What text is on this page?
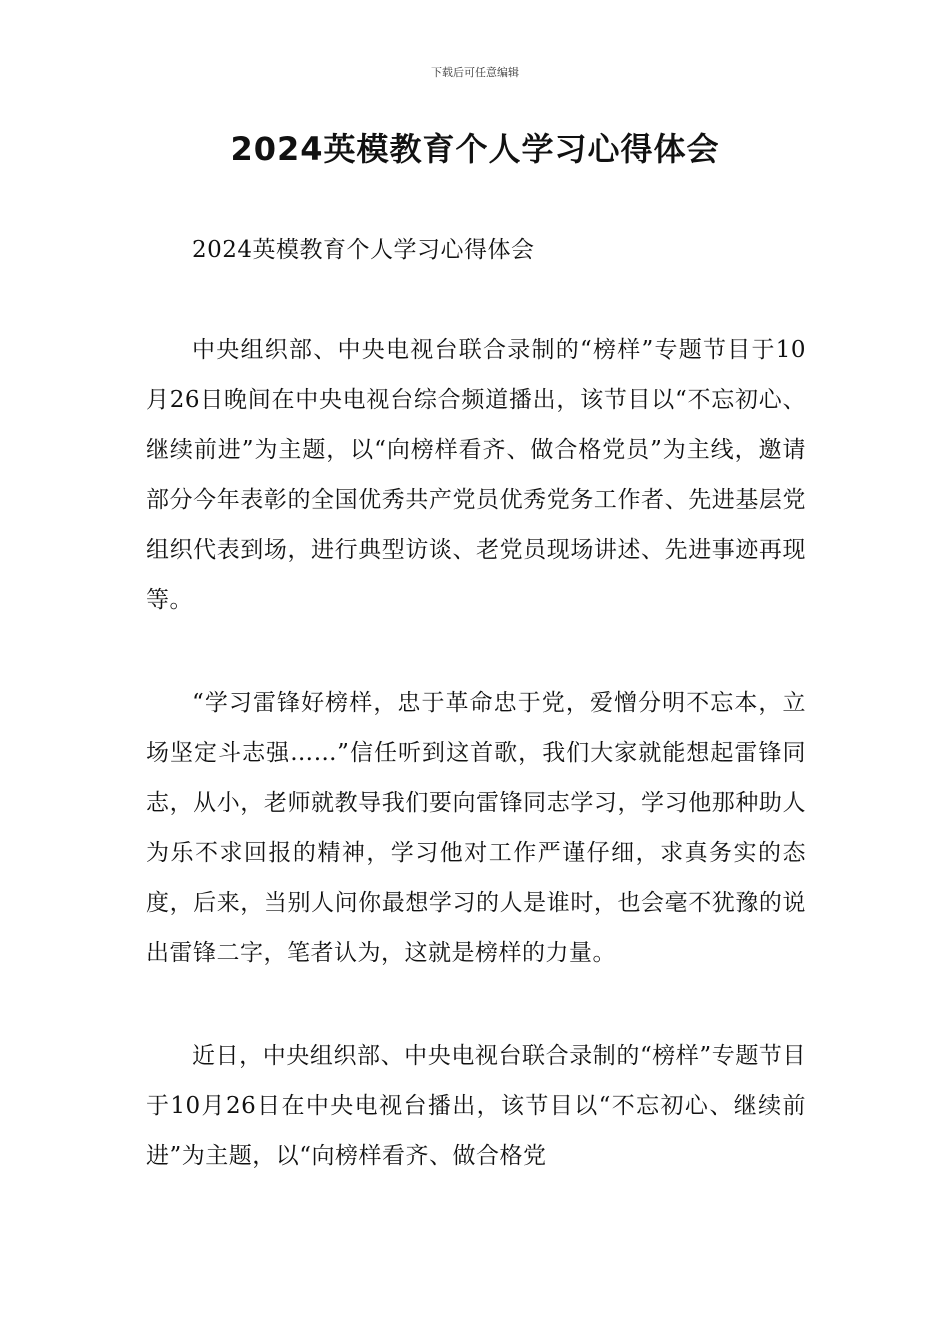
下载后可任意编辑
2024英模教育个人学习心得体会

2024英模教育个人学习心得体会

中央组织部、中央电视台联合录制的“榜样”专题节目于10月26日晚间在中央电视台综合频道播出，该节目以“不忘初心、继续前进”为主题，以“向榜样看齐、做合格党员”为主线，邀请部分今年表彰的全国优秀共产党员优秀党务工作者、先进基层党组织代表到场，进行典型访谈、老党员现场讲述、先进事迹再现等。

“学习雷锋好榜样，忠于革命忠于党，爱憎分明不忘本，立场坚定斗志强……”信任听到这首歌，我们大家就能想起雷锋同志，从小，老师就教导我们要向雷锋同志学习，学习他那种助人为乐不求回报的精神，学习他对工作严谨仔细，求真务实的态度，后来，当别人问你最想学习的人是谁时，也会毫不犹豫的说出雷锋二字，笔者认为，这就是榜样的力量。

近日，中央组织部、中央电视台联合录制的“榜样”专题节目于10月26日在中央电视台播出，该节目以“不忘初心、继续前进”为主题，以“向榜样看齐、做合格党
